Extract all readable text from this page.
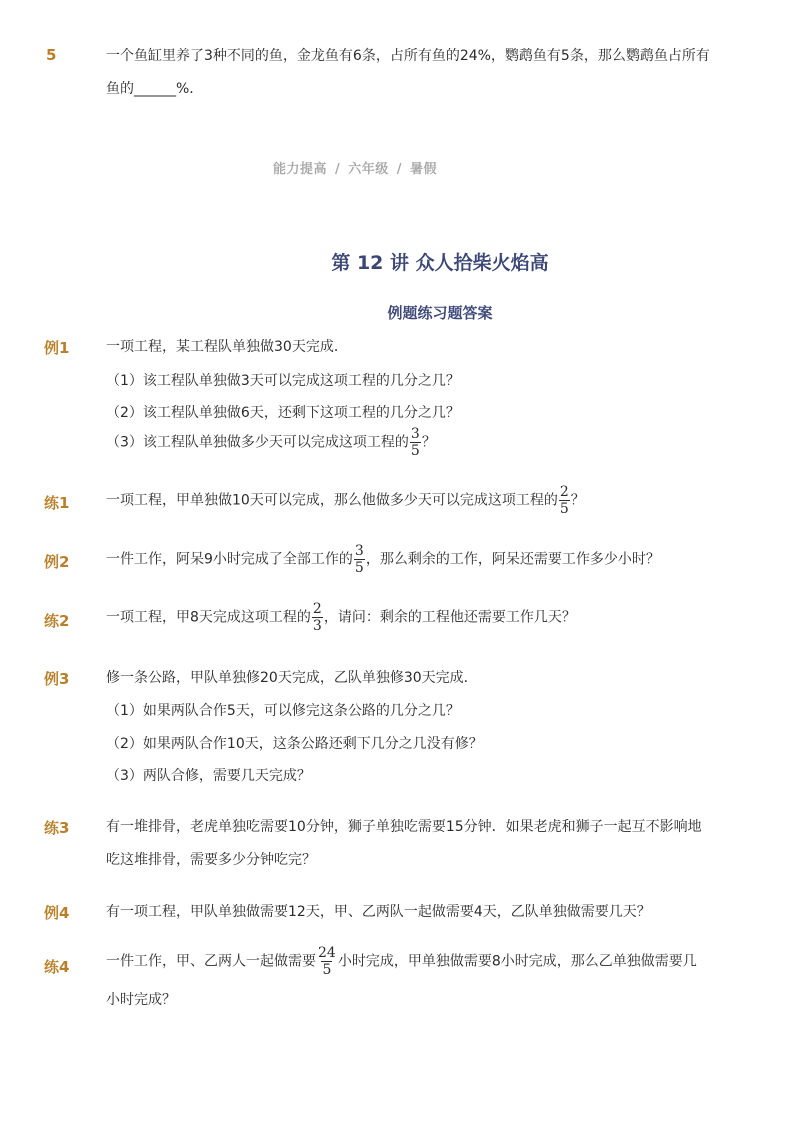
5	一个鱼缸里养了3种不同的鱼，金龙鱼有6条，占所有鱼的24%，鹦鹉鱼有5条，那么鹦鹉鱼占所有
鱼的______%．
能力提高 / 六年级 / 暑假
第 12 讲 众人拾柴火焰高
例题练习题答案
例1	一项工程，某工程队单独做30天完成．
（1）该工程队单独做3天可以完成这项工程的几分之几？
（2）该工程队单独做6天，还剩下这项工程的几分之几？
（3）该工程队单独做多少天可以完成这项工程的 $\frac{3}{5}$ ？
练1	一项工程，甲单独做10天可以完成，那么他做多少天可以完成这项工程的 $\frac{2}{5}$ ？
例2	一件工作，阿呆9小时完成了全部工作的 $\frac{3}{5}$ ，那么剩余的工作，阿呆还需要工作多少小时？
练2	一项工程，甲8天完成这项工程的 $\frac{2}{3}$ ，请问：剩余的工程他还需要工作几天？
例3	修一条公路，甲队单独修20天完成，乙队单独修30天完成．
（1）如果两队合作5天，可以修完这条公路的几分之几？
（2）如果两队合作10天，这条公路还剩下几分之几没有修？
（3）两队合修，需要几天完成？
练3	有一堆排骨，老虎单独吃需要10分钟，狮子单独吃需要15分钟．如果老虎和狮子一起互不影响地
吃这堆排骨，需要多少分钟吃完？
例4	有一项工程，甲队单独做需要12天，甲、乙两队一起做需要4天，乙队单独做需要几天？
练4	一件工作，甲、乙两人一起做需要 $\frac{24}{5}$ 小时完成，甲单独做需要8小时完成，那么乙单独做需要几
小时完成？
